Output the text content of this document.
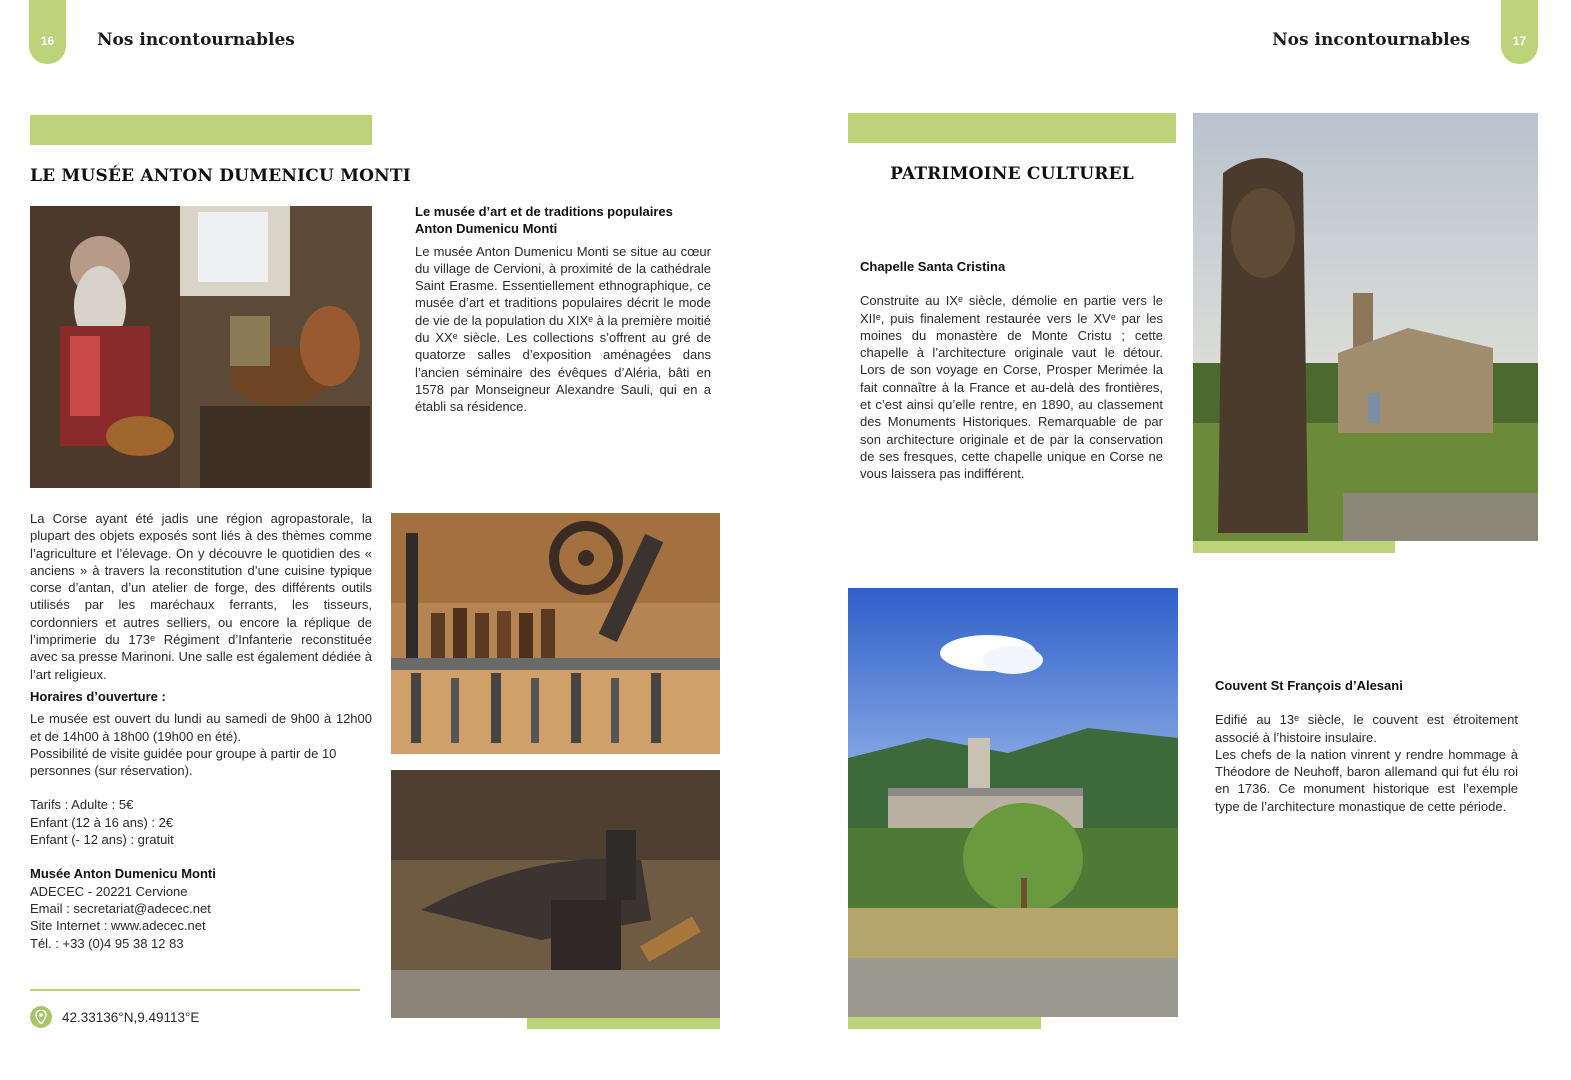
16	Nos incontournables
LE MUSÉE ANTON DUMENICU MONTI
Le musée d’art et de traditions populaires
Anton Dumenicu Monti
Le musée Anton Dumenicu Monti se situe au cœur du village de Cervioni, à proximité de la cathédrale Saint Erasme. Essentiellement ethnographique, ce musée d’art et traditions populaires décrit le mode de vie de la population du XIXᵉ à la première moitié du XXᵉ siècle. Les collections s’offrent au gré de quatorze salles d’exposition aménagées dans l’ancien séminaire des évêques d’Aléria, bâti en 1578 par Monseigneur Alexandre Sauli, qui en a établi sa résidence.
La Corse ayant été jadis une région agropastorale, la plupart des objets exposés sont liés à des thèmes comme l’agriculture et l’élevage. On y découvre le quotidien des « anciens » à travers la reconstitution d’une cuisine typique corse d’antan, d’un atelier de forge, des différents outils utilisés par les maréchaux ferrants, les tisseurs, cordonniers et autres selliers, ou encore la réplique de l’imprimerie du 173ᵉ Régiment d’Infanterie reconstituée avec sa presse Marinoni. Une salle est également dédiée à l’art religieux.
Horaires d’ouverture :
Le musée est ouvert du lundi au samedi de 9h00 à 12h00 et de 14h00 à 18h00 (19h00 en été).
Possibilité de visite guidée pour groupe à partir de 10 personnes (sur réservation).
Tarifs : Adulte : 5€
Enfant (12 à 16 ans) : 2€
Enfant (- 12 ans) : gratuit
Musée Anton Dumenicu Monti
ADECEC - 20221 Cervione
Email : secretariat@adecec.net
Site Internet : www.adecec.net
Tél. : +33 (0)4 95 38 12 83
42.33136°N,9.49113°E
17
Nos incontournables
PATRIMOINE CULTUREL
Chapelle Santa Cristina
Construite au IXᵉ siècle, démolie en partie vers le XIIᵉ, puis finalement restaurée vers le XVᵉ par les moines du monastère de Monte Cristu ; cette chapelle à l’architecture originale vaut le détour. Lors de son voyage en Corse, Prosper Merimée la fait connaître à la France et au-delà des frontières, et c’est ainsi qu’elle rentre, en 1890, au classement des Monuments Historiques. Remarquable de par son architecture originale et de par la conservation de ses fresques, cette chapelle unique en Corse ne vous laissera pas indifférent.
Couvent St François d’Alesani
Edifié au 13ᵉ siècle, le couvent est étroitement associé à l’histoire insulaire.
Les chefs de la nation vinrent y rendre hommage à Théodore de Neuhoff, baron allemand qui fut élu roi en 1736. Ce monument historique est l’exemple type de l’architecture monastique de cette période.
